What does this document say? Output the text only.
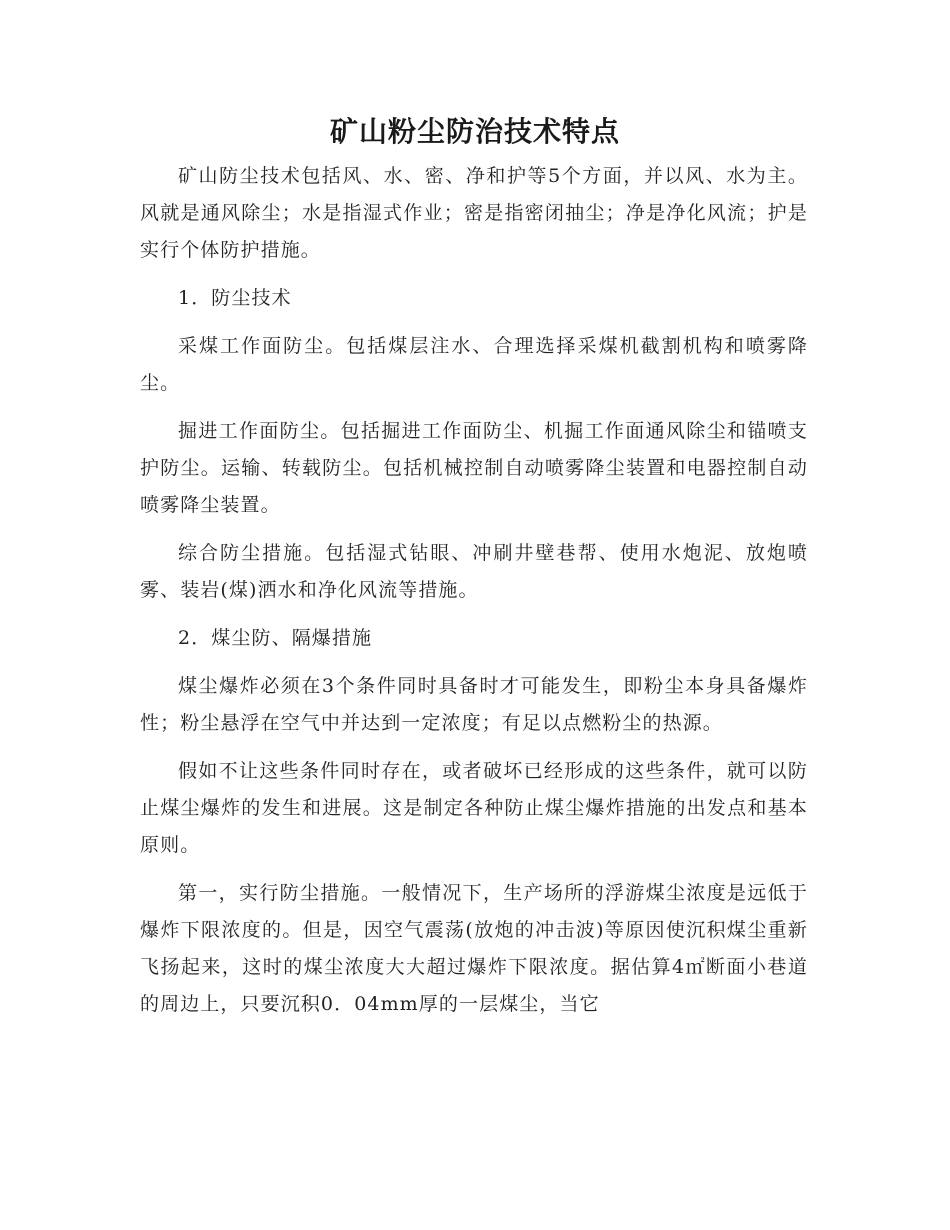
矿山粉尘防治技术特点

矿山防尘技术包括风、水、密、净和护等5个方面，并以风、水为主。风就是通风除尘；水是指湿式作业；密是指密闭抽尘；净是净化风流；护是实行个体防护措施。

1．防尘技术

采煤工作面防尘。包括煤层注水、合理选择采煤机截割机构和喷雾降尘。

掘进工作面防尘。包括掘进工作面防尘、机掘工作面通风除尘和锚喷支护防尘。运输、转载防尘。包括机械控制自动喷雾降尘装置和电器控制自动喷雾降尘装置。

综合防尘措施。包括湿式钻眼、冲刷井壁巷帮、使用水炮泥、放炮喷雾、装岩(煤)洒水和净化风流等措施。

2．煤尘防、隔爆措施

煤尘爆炸必须在3个条件同时具备时才可能发生，即粉尘本身具备爆炸性；粉尘悬浮在空气中并达到一定浓度；有足以点燃粉尘的热源。

假如不让这些条件同时存在，或者破坏已经形成的这些条件，就可以防止煤尘爆炸的发生和进展。这是制定各种防止煤尘爆炸措施的出发点和基本原则。

第一，实行防尘措施。一般情况下，生产场所的浮游煤尘浓度是远低于爆炸下限浓度的。但是，因空气震荡(放炮的冲击波)等原因使沉积煤尘重新飞扬起来，这时的煤尘浓度大大超过爆炸下限浓度。据估算4㎡断面小巷道的周边上，只要沉积0．04mm厚的一层煤尘，当它
